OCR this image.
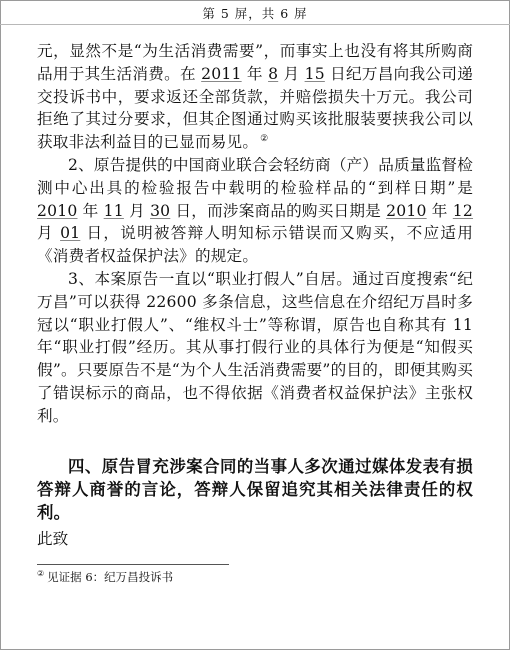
第 5 屏，共 6 屏

元，显然不是“为生活消费需要”，而事实上也没有将其所购商品用于其生活消费。在 2011 年 8 月 15 日纪万昌向我公司递交投诉书中，要求返还全部货款，并赔偿损失十万元。我公司拒绝了其过分要求，但其企图通过购买该批服装要挟我公司以获取非法利益目的已显而易见。 ②

2、原告提供的中国商业联合会轻纺商（产）品质量监督检测中心出具的检验报告中载明的检验样品的“到样日期”是 2010 年 11 月 30 日，而涉案商品的购买日期是 2010 年 12 月 01 日，说明被答辩人明知标示错误而又购买，不应适用《消费者权益保护法》的规定。

3、本案原告一直以“职业打假人”自居。通过百度搜索“纪万昌”可以获得 22600 多条信息，这些信息在介绍纪万昌时多冠以“职业打假人”、“维权斗士”等称谓，原告也自称其有 11 年“职业打假”经历。其从事打假行业的具体行为便是“知假买假”。只要原告不是“为个人生活消费需要”的目的，即便其购买了错误标示的商品，也不得依据《消费者权益保护法》主张权利。

四、原告冒充涉案合同的当事人多次通过媒体发表有损答辩人商誉的言论，答辩人保留追究其相关法律责任的权利。

此致
② 见证据 6：纪万昌投诉书
